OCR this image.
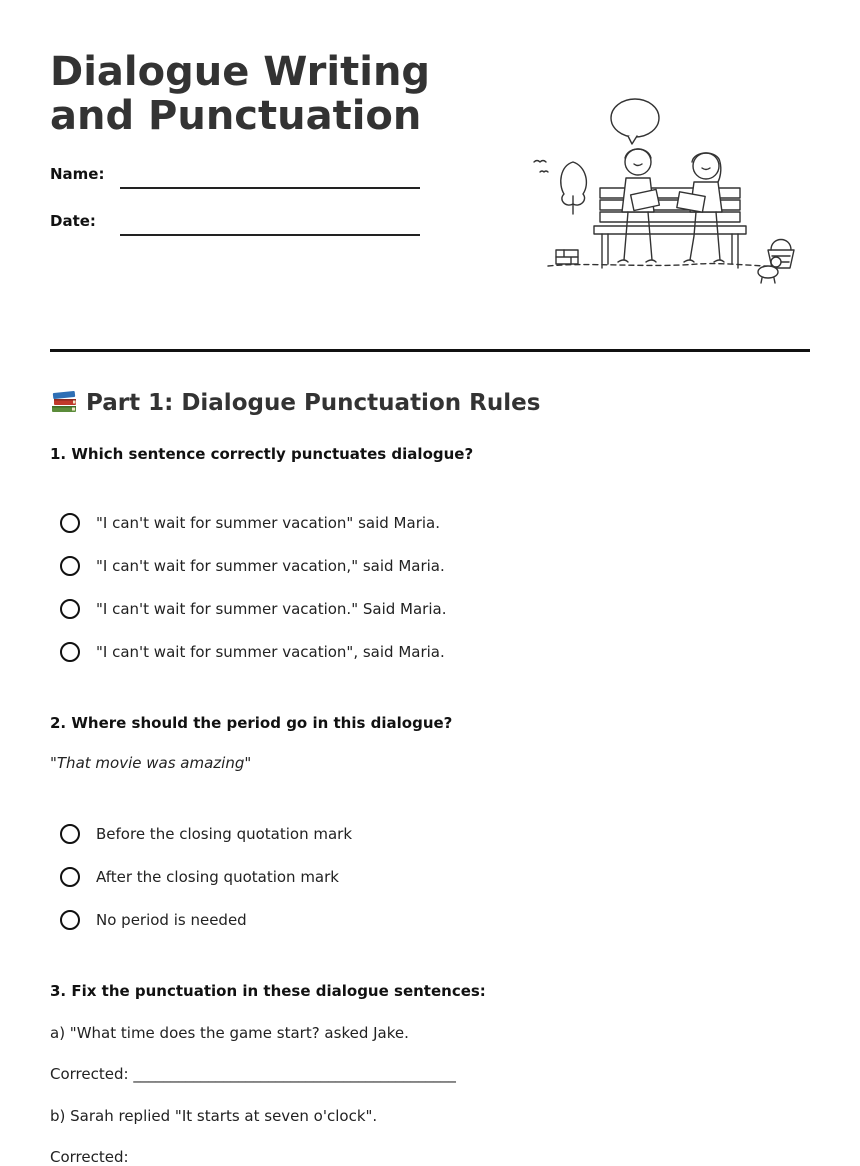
Dialogue Writing and Punctuation
Name:
Date:
Part 1: Dialogue Punctuation Rules
1. Which sentence correctly punctuates dialogue?
"I can't wait for summer vacation" said Maria.
"I can't wait for summer vacation," said Maria.
"I can't wait for summer vacation." Said Maria.
"I can't wait for summer vacation", said Maria.
2. Where should the period go in this dialogue?
"That movie was amazing"
Before the closing quotation mark
After the closing quotation mark
No period is needed
3. Fix the punctuation in these dialogue sentences:
a) "What time does the game start? asked Jake.
Corrected: ___________________________________________
b) Sarah replied "It starts at seven o'clock".
Corrected:
